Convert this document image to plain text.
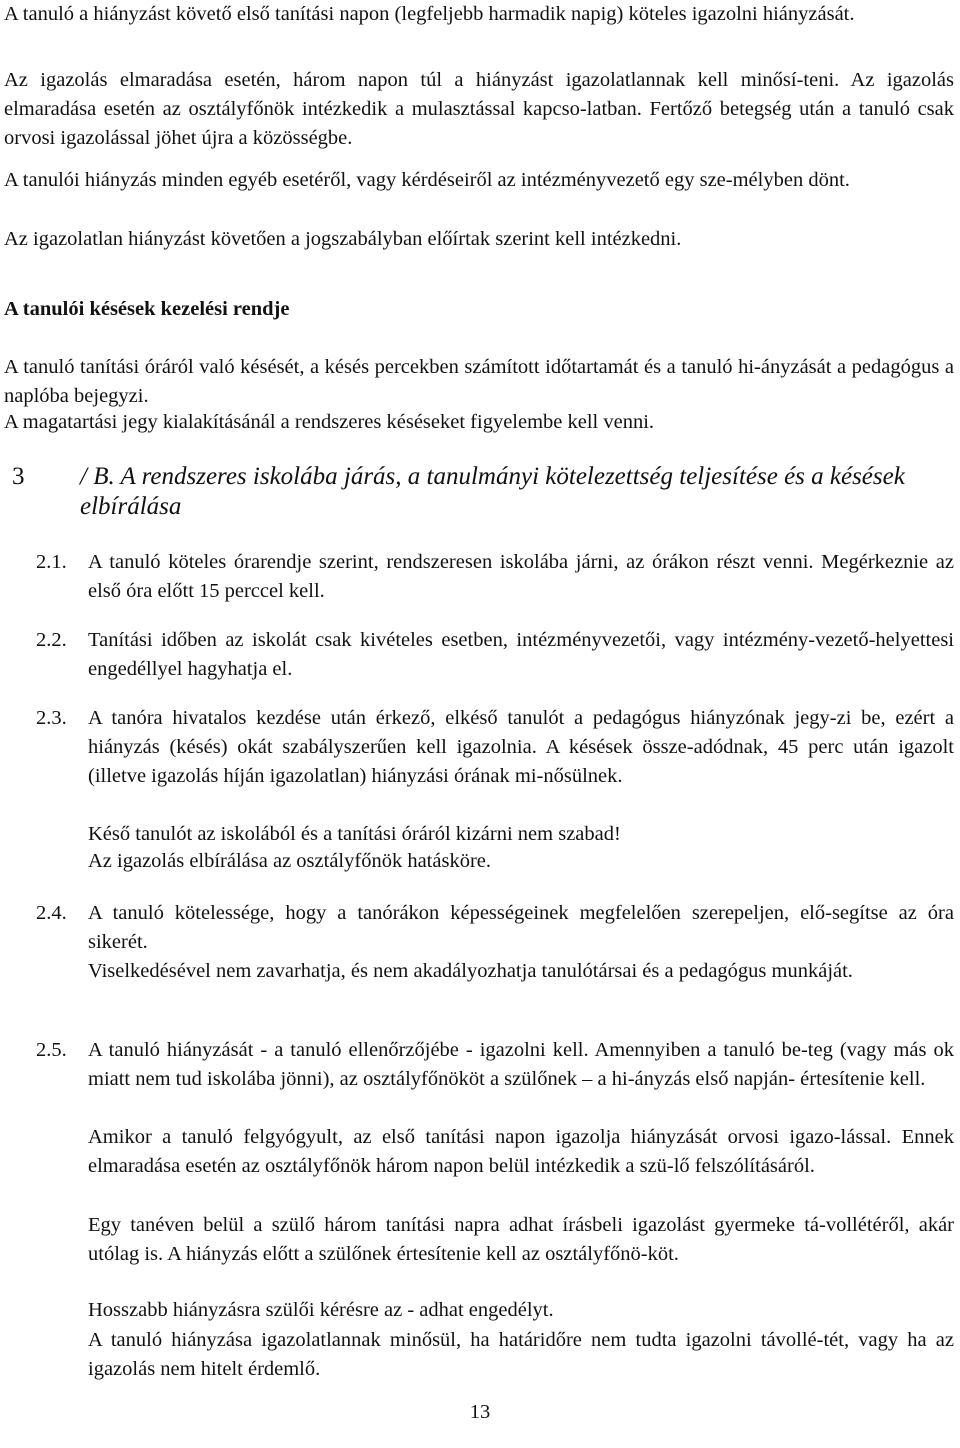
A tanuló a hiányzást követő első tanítási napon (legfeljebb harmadik napig) köteles igazolni hiányzását.

Az igazolás elmaradása esetén, három napon túl a hiányzást igazolatlannak kell minősí-teni. Az igazolás elmaradása esetén az osztályfőnök intézkedik a mulasztással kapcso-latban. Fertőző betegség után a tanuló csak orvosi igazolással jöhet újra a közösségbe.

A tanulói hiányzás minden egyéb esetéről, vagy kérdéseiről az intézményvezető egy sze-mélyben dönt.

Az igazolatlan hiányzást követően a jogszabályban előírtak szerint kell intézkedni.

A tanulói késések kezelési rendje

A tanuló tanítási óráról való késését, a késés percekben számított időtartamát és a tanuló hi-ányzását a pedagógus a naplóba bejegyzi.

A magatartási jegy kialakításánál a rendszeres késéseket figyelembe kell venni.

3 / B. A rendszeres iskolába járás, a tanulmányi kötelezettség teljesítése és a késések elbírálása

2.1.	A tanuló köteles órarendje szerint, rendszeresen iskolába járni, az órákon részt venni. Megérkeznie az első óra előtt 15 perccel kell.
2.2.	Tanítási időben az iskolát csak kivételes esetben, intézményvezetői, vagy intézmény-vezető-helyettesi engedéllyel hagyhatja el.
2.3.	A tanóra hivatalos kezdése után érkező, elkéső tanulót a pedagógus hiányzónak jegy-zi be, ezért a hiányzás (késés) okát szabályszerűen kell igazolnia. A késések össze-adódnak, 45 perc után igazolt (illetve igazolás híján igazolatlan) hiányzási órának mi-nősülnek.

Késő tanulót az iskolából és a tanítási óráról kizárni nem szabad!

Az igazolás elbírálása az osztályfőnök hatásköre.

2.4.	A tanuló kötelessége, hogy a tanórákon képességeinek megfelelően szerepeljen, elő-segítse az óra sikerét.

Viselkedésével nem zavarhatja, és nem akadályozhatja tanulótársai és a pedagógus munkáját.

2.5.	A tanuló hiányzását - a tanuló ellenőrzőjébe - igazolni kell. Amennyiben a tanuló be-teg (vagy más ok miatt nem tud iskolába jönni), az osztályfőnököt a szülőnek – a hi-ányzás első napján- értesítenie kell.

Amikor a tanuló felgyógyult, az első tanítási napon igazolja hiányzását orvosi igazo-lással. Ennek elmaradása esetén az osztályfőnök három napon belül intézkedik a szü-lő felszólításáról.

Egy tanéven belül a szülő három tanítási napra adhat írásbeli igazolást gyermeke tá-vollétéről, akár utólag is. A hiányzás előtt a szülőnek értesítenie kell az osztályfőnö-köt.

Hosszabb hiányzásra szülői kérésre az - adhat engedélyt.

A tanuló hiányzása igazolatlannak minősül, ha határidőre nem tudta igazolni távollé-tét, vagy ha az igazolás nem hitelt érdemlő.

13
